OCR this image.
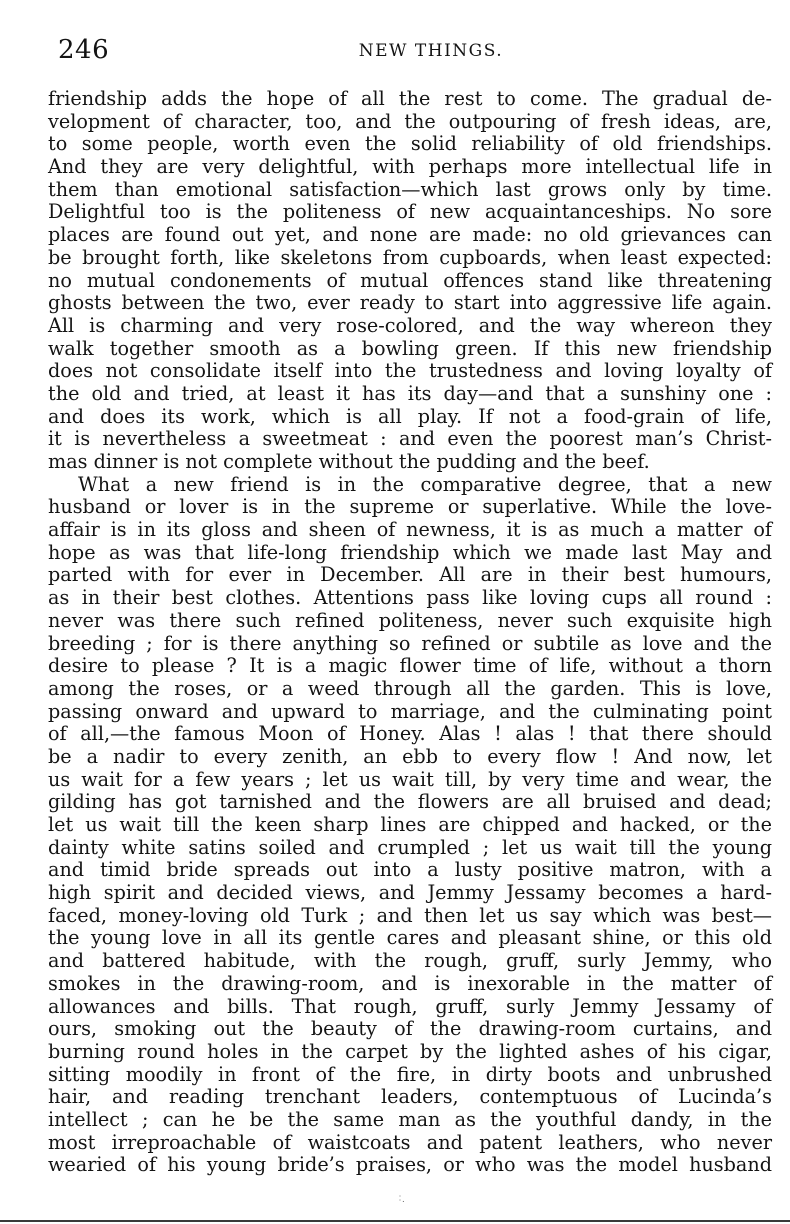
246	NEW THINGS.
friendship adds the hope of all the rest to come. The gradual de-
velopment of character, too, and the outpouring of fresh ideas, are,
to some people, worth even the solid reliability of old friendships.
And they are very delightful, with perhaps more intellectual life in
them than emotional satisfaction—which last grows only by time.
Delightful too is the politeness of new acquaintanceships. No sore
places are found out yet, and none are made: no old grievances can
be brought forth, like skeletons from cupboards, when least expected:
no mutual condonements of mutual offences stand like threatening
ghosts between the two, ever ready to start into aggressive life again.
All is charming and very rose-colored, and the way whereon they
walk together smooth as a bowling green. If this new friendship
does not consolidate itself into the trustedness and loving loyalty of
the old and tried, at least it has its day—and that a sunshiny one :
and does its work, which is all play. If not a food-grain of life,
it is nevertheless a sweetmeat : and even the poorest man’s Christ-
mas dinner is not complete without the pudding and the beef.
What a new friend is in the comparative degree, that a new
husband or lover is in the supreme or superlative. While the love-
affair is in its gloss and sheen of newness, it is as much a matter of
hope as was that life-long friendship which we made last May and
parted with for ever in December. All are in their best humours,
as in their best clothes. Attentions pass like loving cups all round :
never was there such refined politeness, never such exquisite high
breeding ; for is there anything so refined or subtile as love and the
desire to please ? It is a magic flower time of life, without a thorn
among the roses, or a weed through all the garden. This is love,
passing onward and upward to marriage, and the culminating point
of all,—the famous Moon of Honey. Alas ! alas ! that there should
be a nadir to every zenith, an ebb to every flow ! And now, let
us wait for a few years ; let us wait till, by very time and wear, the
gilding has got tarnished and the flowers are all bruised and dead;
let us wait till the keen sharp lines are chipped and hacked, or the
dainty white satins soiled and crumpled ; let us wait till the young
and timid bride spreads out into a lusty positive matron, with a
high spirit and decided views, and Jemmy Jessamy becomes a hard-
faced, money-loving old Turk ; and then let us say which was best—
the young love in all its gentle cares and pleasant shine, or this old
and battered habitude, with the rough, gruff, surly Jemmy, who
smokes in the drawing-room, and is inexorable in the matter of
allowances and bills. That rough, gruff, surly Jemmy Jessamy of
ours, smoking out the beauty of the drawing-room curtains, and
burning round holes in the carpet by the lighted ashes of his cigar,
sitting moodily in front of the fire, in dirty boots and unbrushed
hair, and reading trenchant leaders, contemptuous of Lucinda’s
intellect ; can he be the same man as the youthful dandy, in the
most irreproachable of waistcoats and patent leathers, who never
wearied of his young bride’s praises, or who was the model husband
˙․˙
